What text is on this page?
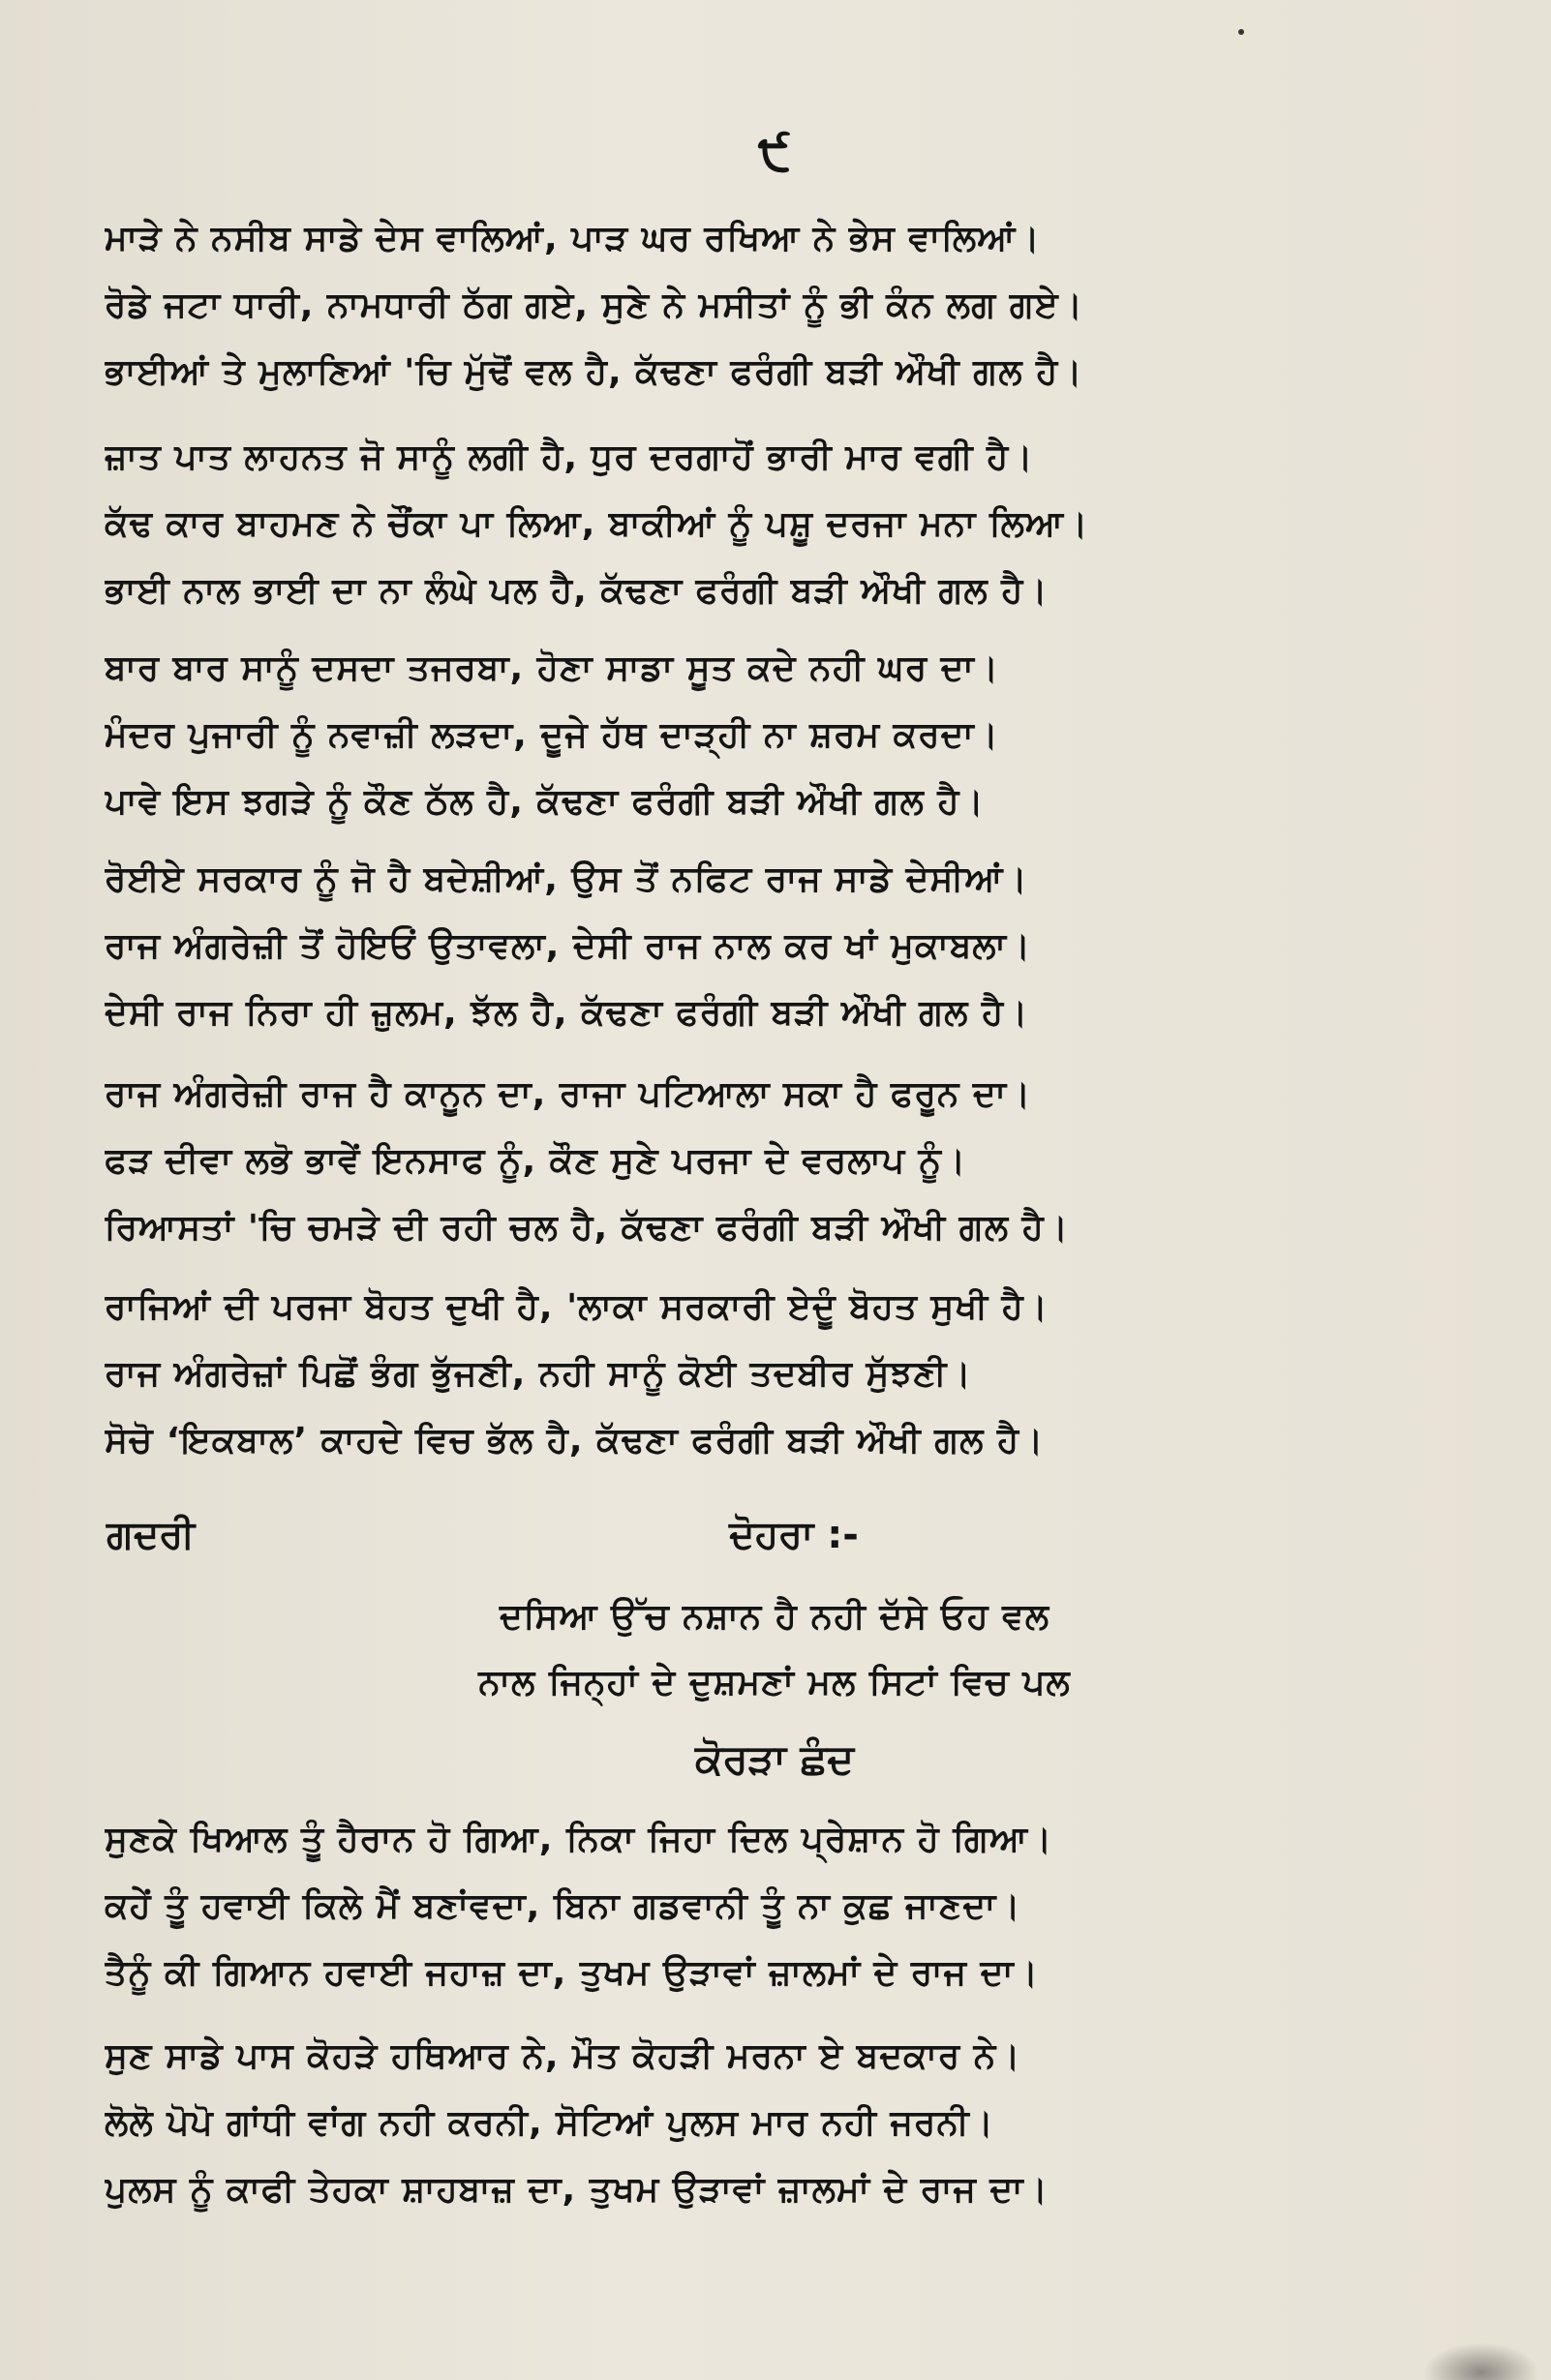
੯
ਮਾੜੇ ਨੇ ਨਸੀਬ ਸਾਡੇ ਦੇਸ ਵਾਲਿਆਂ, ਪਾੜ ਘਰ ਰਖਿਆ ਨੇ ਭੇਸ ਵਾਲਿਆਂ।
ਰੋਡੇ ਜਟਾ ਧਾਰੀ, ਨਾਮਧਾਰੀ ਠੱਗ ਗਏ, ਸੁਣੇ ਨੇ ਮਸੀਤਾਂ ਨੂੰ ਭੀ ਕੰਨ ਲਗ ਗਏ।
ਭਾਈਆਂ ਤੇ ਮੁਲਾਣਿਆਂ 'ਚਿ ਮੁੱਢੋਂ ਵਲ ਹੈ, ਕੱਢਣਾ ਫਰੰਗੀ ਬੜੀ ਔਖੀ ਗਲ ਹੈ।
ਜ਼ਾਤ ਪਾਤ ਲਾਹਨਤ ਜੋ ਸਾਨੂੰ ਲਗੀ ਹੈ, ਧੁਰ ਦਰਗਾਹੋਂ ਭਾਰੀ ਮਾਰ ਵਗੀ ਹੈ।
ਕੱਢ ਕਾਰ ਬਾਹਮਣ ਨੇ ਚੌਂਕਾ ਪਾ ਲਿਆ, ਬਾਕੀਆਂ ਨੂੰ ਪਸ਼ੂ ਦਰਜਾ ਮਨਾ ਲਿਆ।
ਭਾਈ ਨਾਲ ਭਾਈ ਦਾ ਨਾ ਲੰਘੇ ਪਲ ਹੈ, ਕੱਢਣਾ ਫਰੰਗੀ ਬੜੀ ਔਖੀ ਗਲ ਹੈ।
ਬਾਰ ਬਾਰ ਸਾਨੂੰ ਦਸਦਾ ਤਜਰਬਾ, ਹੋਣਾ ਸਾਡਾ ਸੂਤ ਕਦੇ ਨਹੀ ਘਰ ਦਾ।
ਮੰਦਰ ਪੁਜਾਰੀ ਨੂੰ ਨਵਾਜ਼ੀ ਲੜਦਾ, ਦੂਜੇ ਹੱਥ ਦਾੜ੍ਹੀ ਨਾ ਸ਼ਰਮ ਕਰਦਾ।
ਪਾਵੇ ਇਸ ਝਗੜੇ ਨੂੰ ਕੌਣ ਠੱਲ ਹੈ, ਕੱਢਣਾ ਫਰੰਗੀ ਬੜੀ ਔਖੀ ਗਲ ਹੈ।
ਰੋਈਏ ਸਰਕਾਰ ਨੂੰ ਜੋ ਹੈ ਬਦੇਸ਼ੀਆਂ, ਉਸ ਤੋਂ ਨਫਿਟ ਰਾਜ ਸਾਡੇ ਦੇਸੀਆਂ।
ਰਾਜ ਅੰਗਰੇਜ਼ੀ ਤੋਂ ਹੋਇਓਂ ਉਤਾਵਲਾ, ਦੇਸੀ ਰਾਜ ਨਾਲ ਕਰ ਖਾਂ ਮੁਕਾਬਲਾ।
ਦੇਸੀ ਰਾਜ ਨਿਰਾ ਹੀ ਜ਼ੁਲਮ, ਝੱਲ ਹੈ, ਕੱਢਣਾ ਫਰੰਗੀ ਬੜੀ ਔਖੀ ਗਲ ਹੈ।
ਰਾਜ ਅੰਗਰੇਜ਼ੀ ਰਾਜ ਹੈ ਕਾਨੂਨ ਦਾ, ਰਾਜਾ ਪਟਿਆਲਾ ਸਕਾ ਹੈ ਫਰੂਨ ਦਾ।
ਫੜ ਦੀਵਾ ਲਭੋ ਭਾਵੇਂ ਇਨਸਾਫ ਨੂੰ, ਕੌਣ ਸੁਣੇ ਪਰਜਾ ਦੇ ਵਰਲਾਪ ਨੂੰ।
ਰਿਆਸਤਾਂ 'ਚਿ ਚਮੜੇ ਦੀ ਰਹੀ ਚਲ ਹੈ, ਕੱਢਣਾ ਫਰੰਗੀ ਬੜੀ ਔਖੀ ਗਲ ਹੈ।
ਰਾਜਿਆਂ ਦੀ ਪਰਜਾ ਬੋਹਤ ਦੁਖੀ ਹੈ, 'ਲਾਕਾ ਸਰਕਾਰੀ ਏਦੂੰ ਬੋਹਤ ਸੁਖੀ ਹੈ।
ਰਾਜ ਅੰਗਰੇਜ਼ਾਂ ਪਿਛੋਂ ਭੰਗ ਭੁੱਜਣੀ, ਨਹੀ ਸਾਨੂੰ ਕੋਈ ਤਦਬੀਰ ਸੁੱਝਣੀ।
ਸੋਚੋ ‘ਇਕਬਾਲ’ ਕਾਹਦੇ ਵਿਚ ਭੱਲ ਹੈ, ਕੱਢਣਾ ਫਰੰਗੀ ਬੜੀ ਔਖੀ ਗਲ ਹੈ।
ਗਦਰੀ	ਦੋਹਰਾ :-
ਦਸਿਆ ਉੱਚ ਨਸ਼ਾਨ ਹੈ ਨਹੀ ਦੱਸੇ ਓਹ ਵਲ
ਨਾਲ ਜਿਨ੍ਹਾਂ ਦੇ ਦੁਸ਼ਮਣਾਂ ਮਲ ਸਿਟਾਂ ਵਿਚ ਪਲ
ਕੋਰੜਾ ਛੰਦ
ਸੁਣਕੇ ਖਿਆਲ ਤੂੰ ਹੈਰਾਨ ਹੋ ਗਿਆ, ਨਿਕਾ ਜਿਹਾ ਦਿਲ ਪ੍ਰੇਸ਼ਾਨ ਹੋ ਗਿਆ।
ਕਹੇਂ ਤੂੰ ਹਵਾਈ ਕਿਲੇ ਮੈਂ ਬਣਾਂਵਦਾ, ਬਿਨਾ ਗਡਵਾਨੀ ਤੂੰ ਨਾ ਕੁਛ ਜਾਣਦਾ।
ਤੈਨੂੰ ਕੀ ਗਿਆਨ ਹਵਾਈ ਜਹਾਜ਼ ਦਾ, ਤੁਖਮ ਉੜਾਵਾਂ ਜ਼ਾਲਮਾਂ ਦੇ ਰਾਜ ਦਾ।
ਸੁਣ ਸਾਡੇ ਪਾਸ ਕੋਹੜੇ ਹਥਿਆਰ ਨੇ, ਮੌਤ ਕੋਹੜੀ ਮਰਨਾ ਏ ਬਦਕਾਰ ਨੇ।
ਲੋਲੋ ਪੋਪੋ ਗਾਂਧੀ ਵਾਂਗ ਨਹੀ ਕਰਨੀ, ਸੋਟਿਆਂ ਪੁਲਸ ਮਾਰ ਨਹੀ ਜਰਨੀ।
ਪੁਲਸ ਨੂੰ ਕਾਫੀ ਤੇਹਕਾ ਸ਼ਾਹਬਾਜ਼ ਦਾ, ਤੁਖਮ ਉੜਾਵਾਂ ਜ਼ਾਲਮਾਂ ਦੇ ਰਾਜ ਦਾ।
